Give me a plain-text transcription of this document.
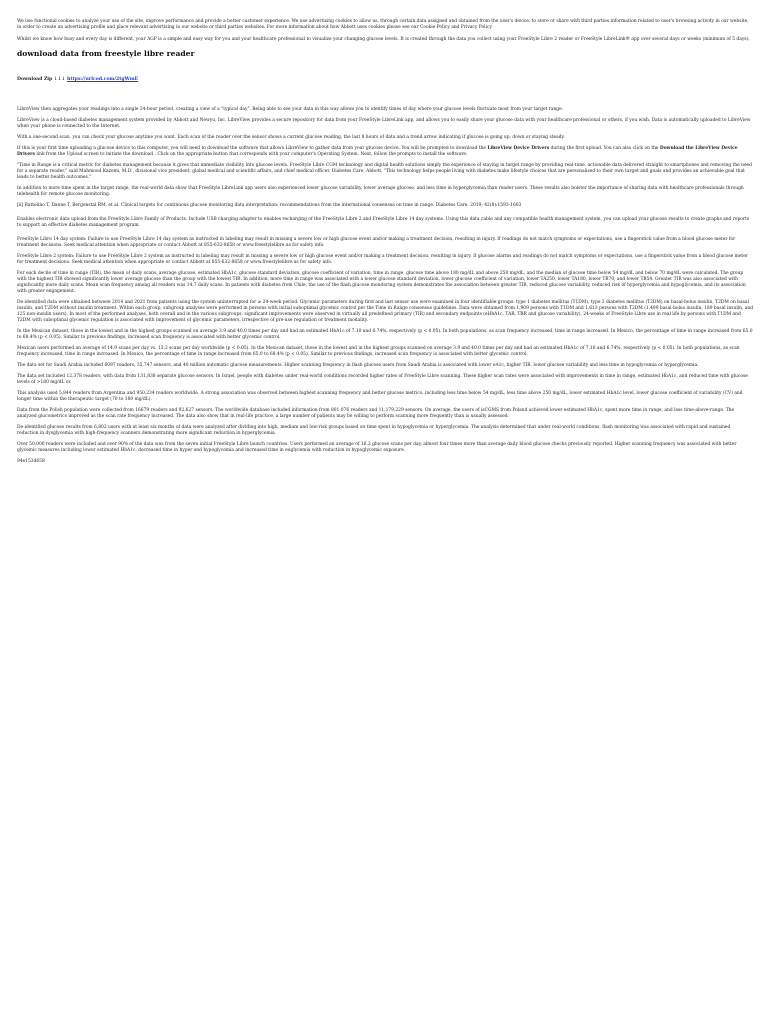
We use functional cookies to analyze your use of the site, improve performance and provide a better customer experience. We use advertising cookies to allow us, through certain data assigned and obtained from the user's device, to store or share with third parties information related to user's browsing activity in our website, in order to create an advertising profile and place relevant advertising in our website or third parties websites. For more information about how Abbott uses cookies please see our Cookie Policy and Privacy Policy

Whilst we know how busy and every day is different, your AGP is a simple and easy way for you and your healthcare professional to visualize your changing glucose levels. It is created through the data you collect using your FreeStyle Libre 2 reader or FreeStyle LibreLink® app over several days or weeks (minimum of 5 days).

download data from freestyle libre reader
Download Zip ↓↓↓ https://urlcod.com/2tgWmE

LibreView then aggregates your readings into a single 24-hour period, creating a view of a "typical day". Being able to see your data in this way allows you to identify times of day where your glucose levels fluctuate most from your target range.

LibreView is a cloud-based diabetes management system provided by Abbott and Newyu, Inc. LibreView provides a secure repository for data from your FreeStyle LibreLink app, and allows you to easily share your glucose data with your healthcare professional or others, if you wish. Data is automatically uploaded to LibreView when your phone is connected to the Internet.

With a one-second scan, you can check your glucose anytime you want. Each scan of the reader over the sensor shows a current glucose reading, the last 8 hours of data and a trend arrow indicating if glucose is going up, down or staying steady.

If this is your first time uploading a glucose device to this computer, you will need to download the software that allows LibreView to gather data from your glucose device. You will be prompted to download the LibreView Device Drivers during the first upload. You can also click on the Download the LibreView Device Drivers link from the Upload screen to initiate the download . Click on the appropriate button that corresponds with your computer's Operating System. Next, follow the prompts to install the software.

"Time in Range is a critical metric for diabetes management because it gives that immediate visibility into glucose levels. FreeStyle Libre CGM technology and digital health solutions simply the experience of staying in target range by providing real-time, actionable data delivered straight to smartphones and removing the need for a separate reader," said Mahmood Kazemi, M.D., divisional vice president, global medical and scientific affairs, and chief medical officer, Diabetes Care, Abbott. "This technology helps people living with diabetes make lifestyle choices that are personalized to their own target and goals and provides an achievable goal that leads to better health outcomes."

In addition to more time spent in the target range, the real-world data show that FreeStyle LibreLink app users also experienced lower glucose variability, lower average glucose, and less time in hyperglycemia than reader users. These results also bolster the importance of sharing data with healthcare professionals through telehealth for remote glucose monitoring.

[ii] Battelino T, Danne T, Bergenstal RM, et al. Clinical targets for continuous glucose monitoring data interpretation: recommendations from the international consensus on time in range. Diabetes Care. 2019; 42(8):1593-1603

Enables electronic data upload from the FreeStyle Libre Family of Products. Include USB charging adapter to enables recharging of the FreeStyle Libre 2 and FreeStyle Libre 14 day systems. Using this data cable and any compatible health management system, you can upload your glucose results to create graphs and reports to support an effective diabetes management program.

FreeStyle Libre 14 day system: Failure to use FreeStyle Libre 14 day system as instructed in labeling may result in missing a severe low or high glucose event and/or making a treatment decision, resulting in injury. If readings do not match symptoms or expectations, use a fingerstick value from a blood glucose meter for treatment decisions. Seek medical attention when appropriate or contact Abbott at 855-632-8658 or www.freestylelibre.us for safety info.

FreeStyle Libre 2 system: Failure to use FreeStyle Libre 2 system as instructed in labeling may result in missing a severe low or high glucose event and/or making a treatment decision, resulting in injury. If glucose alarms and readings do not match symptoms or expectations, use a fingerstick value from a blood glucose meter for treatment decisions. Seek medical attention when appropriate or contact Abbott at 855-632-8658 or www.freestylelibre.us for safety info.

For each decile of time in range (TIR), the mean of daily scans, average glucose, estimated HbA1c, glucose standard deviation, glucose coefficient of variation, time in range, glucose time above 180 mg/dL and above 250 mg/dL, and the median of glucose time below 54 mg/dL and below 70 mg/dL were calculated. The group with the highest TIR showed significantly lower average glucose than the group with the lowest TIR. In addition, more time in range was associated with a lower glucose standard deviation, lower glucose coefficient of variation, lower TA250, lower TA180, lower TB70, and lower TB54. Greater TIR was also associated with significantly more daily scans. Mean scan frequency among all readers was 14.7 daily scans. In patients with diabetes from Chile, the use of the flash glucose monitoring system demonstrates the association between greater TIR, reduced glucose variability, reduced risk of hyperglycemia and hypoglycemia, and its association with greater engagement.

De-identified data were obtained between 2014 and 2021 from patients using the system uninterrupted for ≥ 24-week period. Glycemic parameters during first and last sensor use were examined in four identifiable groups: type 1 diabetes mellitus (T1DM), type 2 diabetes mellitus (T2DM) on basal-bolus insulin, T2DM on basal insulin, and T2DM without insulin treatment. Within each group, subgroup analyses were performed in persons with initial suboptimal glycemic control per the Time in Range consensus guidelines. Data were obtained from 1,909 persons with T1DM and 1,613 persons with T2DM (1,499 basal-bolus insulin, 189 basal insulin, and 125 non-insulin users). In most of the performed analyses, both overall and in the various subgroups, significant improvements were observed in virtually all predefined primary (TIR) and secondary endpoints (eHbA1c, TAR, TBR and glucose variability). 24-weeks of FreeStyle Libre use in real life by persons with T1DM and T2DM with suboptimal glycemic regulation is associated with improvement of glycemic parameters, irrespective of pre-use regulation or treatment modality.

In the Mexican dataset, those in the lowest and in the highest groups scanned on average 3.9 and 40.0 times per day and had an estimated HbA1c of 7.10 and 6.74%, respectively (p < 0.05). In both populations, as scan frequency increased, time in range increased. In Mexico, the percentage of time in range increased from 65.0 to 68.4% (p < 0.05). Similar to previous findings, increased scan frequency is associated with better glycemic control.

Mexican users performed an average of 14.9 scans per day vs. 13.2 scans per day worldwide (p < 0.05). In the Mexican dataset, those in the lowest and in the highest groups scanned on average 3.9 and 40.0 times per day and had an estimated HbA1c of 7.10 and 6.74%, respectively (p < 0.05). In both populations, as scan frequency increased, time in range increased. In Mexico, the percentage of time in range increased from 65.0 to 68.4% (p < 0.05). Similar to previous findings, increased scan frequency is associated with better glycemic control.

The data set for Saudi Arabia included 6097 readers, 35,747 sensors, and 40 million automatic glucose measurements. Higher scanning frequency in flash glucose users from Saudi Arabia is associated with lower eA1c, higher TIR, lower glucose variability and less time in hypoglycemia or hyperglycemia.

The data set included 12,378 readers, with data from 131,838 separate glucose sensors. In Israel, people with diabetes under real-world conditions recorded higher rates of FreeStyle Libre scanning. These higher scan rates were associated with improvements in time in range, estimated HbA1c, and reduced time with glucose levels of >180 mg/dL or.

This analysis used 5,844 readers from Argentina and 950,234 readers worldwide. A strong association was observed between highest scanning frequency and better glucose metrics, including less time below 54 mg/dL, less time above 250 mg/dL, lower estimated HbA1c level, lower glucose coefficient of variability (CV) and longer time within the therapeutic target (70 to 180 mg/dL).

Data from the Polish population were collected from 16679 readers and 92,627 sensors. The worldwide database included information from 801,076 readers and 11,179,229 sensors. On average, the users of isCGMS from Poland achieved lower estimated HbA1c, spent more time in range, and less time-above-range. The analyzed glucometrics improved as the scan rate frequency increased. The data also show that in real-life practice, a large number of patients may be willing to perform scanning more frequently than is usually assessed.

De-identified glucose results from 6,802 users with at least six months of data were analyzed after dividing into high, medium and low-risk groups based on time spent in hypoglycemia or hyperglycemia. The analysis determined that under real-world conditions, flash monitoring was associated with rapid and sustained reduction in dysglycemia with high-frequency scanners demonstrating more significant reduction in hyperglycemia.

Over 50,000 readers were included and over 90% of the data was from the seven initial FreeStyle Libre launch countries. Users performed an average of 16.3 glucose scans per day, almost four times more than average daily blood glucose checks previously reported. Higher scanning frequency was associated with better glycemic measures including lower estimated HbA1c, decreased time in hyper and hypoglycemia and increased time in euglycemia with reduction in hypoglycemic exposure.

94e153d658
